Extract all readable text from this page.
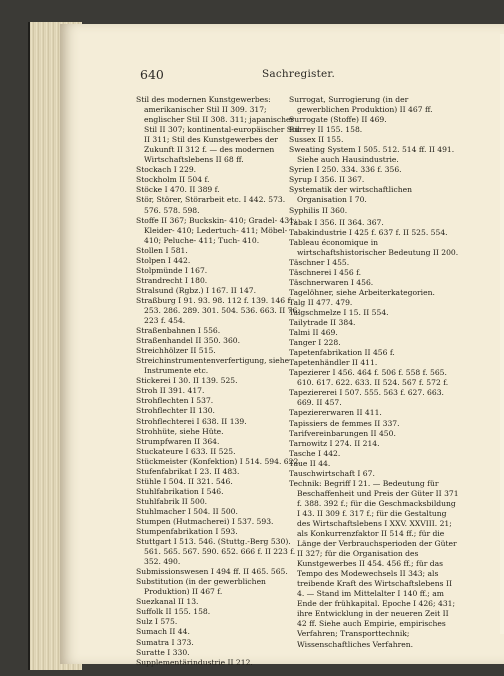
640	Sachregister.

Stil des modernen Kunstgewerbes: amerikanischer Stil II 309. 317; englischer Stil II 308. 311; japanischer Stil II 307; kontinental-europäischer Stil II 311; Stil des Kunstgewerbes der Zukunft II 312 f. — des modernen Wirtschaftslebens II 68 ff.

Stockach I 229.

Stockholm II 504 f.

Stöcke I 470. II 389 f.

Stör, Störer, Störarbeit etc. I 442. 573. 576. 578. 598.

Stoffe II 367; Buckskin- 410; Gradel- 431; Kleider- 410; Ledertuch- 411; Möbel- 410; Peluche- 411; Tuch- 410.

Stollen I 581.

Stolpen I 442.

Stolpmünde I 167.

Strandrecht I 180.

Stralsund (Rgbz.) I 167. II 147.

Straßburg I 91. 93. 98. 112 f. 139. 146 f. 253. 286. 289. 301. 504. 536. 663. II 76. 223 f. 454.

Straßenbahnen I 556.

Straßenhandel II 350. 360.

Streichhölzer II 515.

Streichinstrumentenverfertigung, siehe Instrumente etc.

Stickerei I 30. II 139. 525.

Stroh II 391. 417.

Strohflechten I 537.

Strohflechter II 130.

Strohflechterei I 638. II 139.

Strohhüte, siehe Hüte.

Strumpfwaren II 364.

Stuckateure I 633. II 525.

Stückmeister (Konfektion) I 514. 594. 622.

Stufenfabrikat I 23. II 483.

Stühle I 504. II 321. 546.

Stuhlfabrikation I 546.

Stuhlfabrik II 500.

Stuhlmacher I 504. II 500.

Stumpen (Hutmacherei) I 537. 593.

Stumpenfabrikation I 593.

Stuttgart I 513. 546. (Stuttg.-Berg 530). 561. 565. 567. 590. 652. 666 f. II 223 f. 352. 490.

Submissionswesen I 494 ff. II 465. 565.

Substitution (in der gewerblichen Produktion) II 467 f.

Suezkanal II 13.

Suffolk II 155. 158.

Sulz I 575.

Sumach II 44.

Sumatra I 373.

Suratte I 330.

Supplementärindustrie II 212.

Surrogat, Surrogierung (in der gewerblichen Produktion) II 467 ff.

Surrogate (Stoffe) II 469.

Surrey II 155. 158.

Sussex II 155.

Sweating System I 505. 512. 514 ff. II 491. Siehe auch Hausindustrie.

Syrien I 250. 334. 336 f. 356.

Syrup I 356. II 367.

Systematik der wirtschaftlichen Organisation I 70.

Syphilis II 360.

Tabak I 356. II 364. 367.

Tabakindustrie I 425 f. 637 f. II 525. 554.

Tableau économique in wirtschaftshistorischer Bedeutung II 200.

Täschner I 455.

Täschnerei I 456 f.

Täschnerwaren I 456.

Tagelöhner, siehe Arbeiterkategorien.

Talg II 477. 479.

Talgschmelze I 15. II 554.

Tailytrade II 384.

Talmi II 469.

Tanger I 228.

Tapetenfabrikation II 456 f.

Tapetenhändler II 411.

Tapezierer I 456. 464 f. 506 f. 558 f. 565. 610. 617. 622. 633. II 524. 567 f. 572 f.

Tapeziererei I 507. 555. 563 f. 627. 663. 669. II 457.

Tapeziererwaren II 411.

Tapissiers de femmes II 337.

Tarifvereinbarungen II 450.

Tarnowitz I 274. II 214.

Tasche I 442.

Taue II 44.

Tauschwirtschaft I 67.

Technik: Begriff I 21. — Bedeutung für Beschaffenheit und Preis der Güter II 371 f. 388. 392 f.; für die Geschmacksbildung I 43. II 309 f. 317 f.; für die Gestaltung des Wirtschaftslebens I XXV. XXVIII. 21; als Konkurrenzfaktor II 514 ff.; für die Länge der Verbrauchsperioden der Güter II 327; für die Organisation des Kunstgewerbes II 454. 456 ff.; für das Tempo des Modewechsels II 343; als treibende Kraft des Wirtschaftslebens II 4. — Stand im Mittelalter I 140 ff.; am Ende der frühkapital. Epoche I 426; 431; ihre Entwicklung in der neueren Zeit II 42 ff. Siehe auch Empirie, empirisches Verfahren; Transporttechnik; Wissenschaftliches Verfahren.
